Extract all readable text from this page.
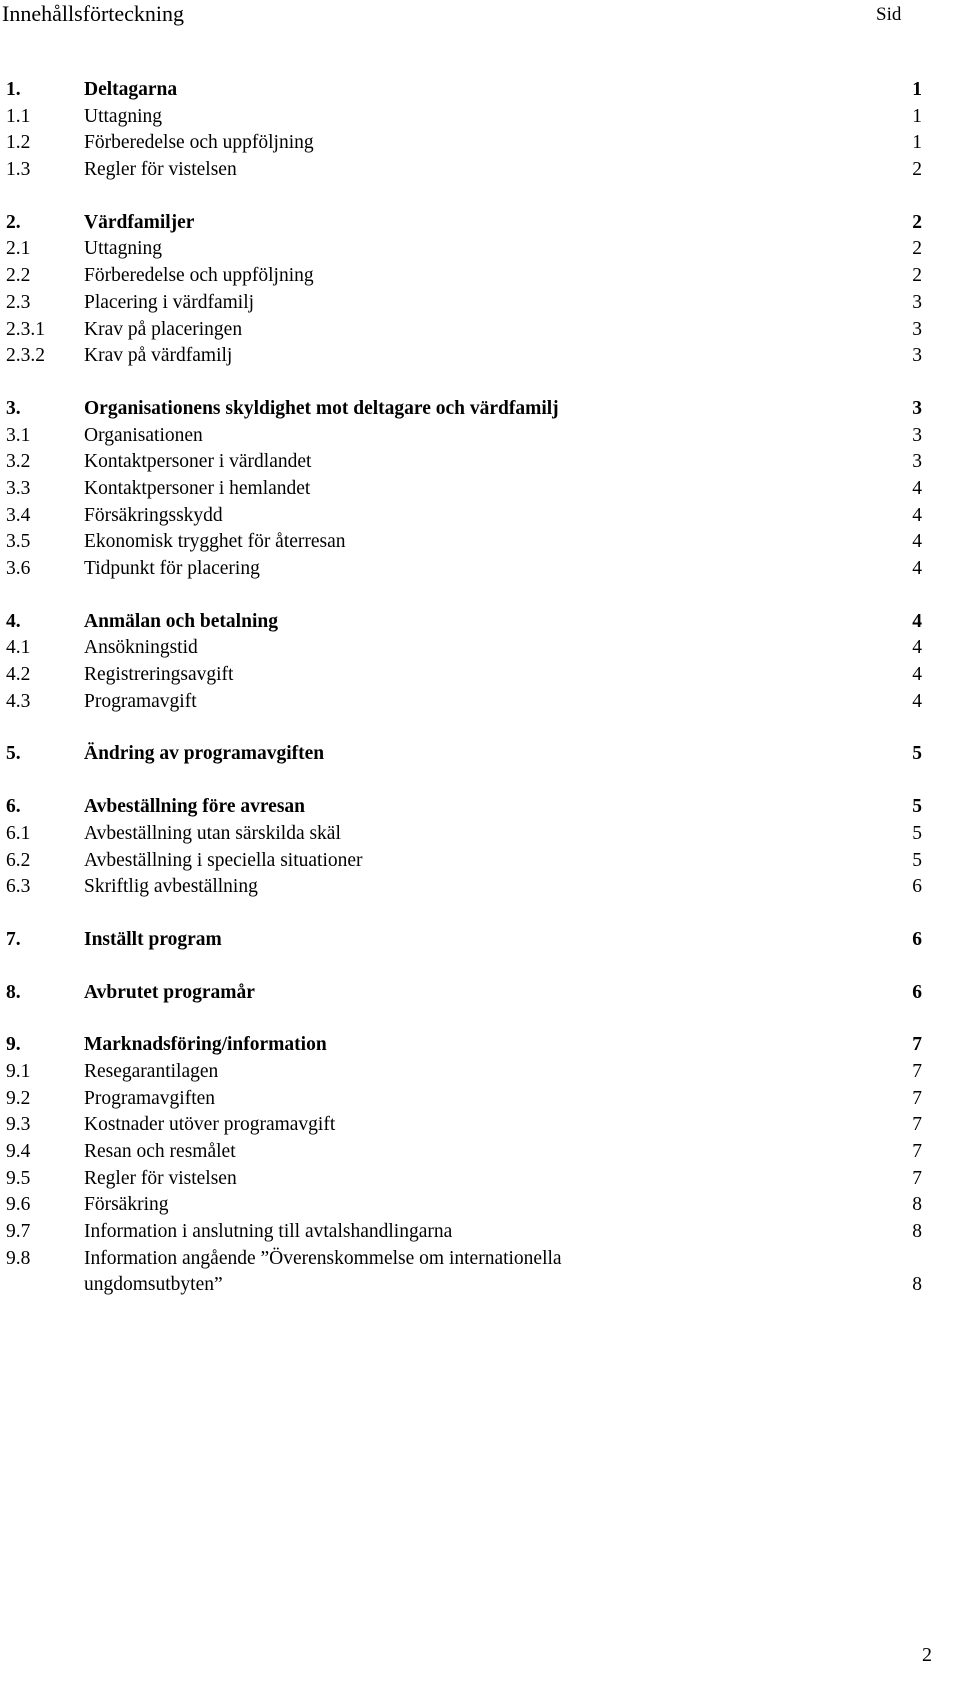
Innehållsförteckning	Sid
1.	Deltagarna	1
1.1	Uttagning	1
1.2	Förberedelse och uppföljning	1
1.3	Regler för vistelsen	2
2.	Värdfamiljer	2
2.1	Uttagning	2
2.2	Förberedelse och uppföljning	2
2.3	Placering i värdfamilj	3
2.3.1 Krav på placeringen	3
2.3.2 Krav på värdfamilj	3
3.	Organisationens skyldighet mot deltagare och värdfamilj	3
3.1	Organisationen	3
3.2	Kontaktpersoner i värdlandet	3
3.3	Kontaktpersoner i hemlandet	4
3.4	Försäkringsskydd	4
3.5	Ekonomisk trygghet för återresan	4
3.6	Tidpunkt för placering	4
4.	Anmälan och betalning	4
4.1	Ansökningstid	4
4.2	Registreringsavgift	4
4.3	Programavgift	4
5.	Ändring av programavgiften	5
6.	Avbeställning före avresan	5
6.1	Avbeställning utan särskilda skäl	5
6.2	Avbeställning i speciella situationer	5
6.3	Skriftlig avbeställning	6
7.	Inställt program	6
8.	Avbrutet programår	6
9.	Marknadsföring/information	7
9.1	Resegarantilagen	7
9.2	Programavgiften	7
9.3	Kostnader utöver programavgift	7
9.4	Resan och resmålet	7
9.5	Regler för vistelsen	7
9.6	Försäkring	8
9.7	Information i anslutning till avtalshandlingarna	8
9.8	Information angående ”Överenskommelse om internationella
ungdomsutbyten”	8
2
